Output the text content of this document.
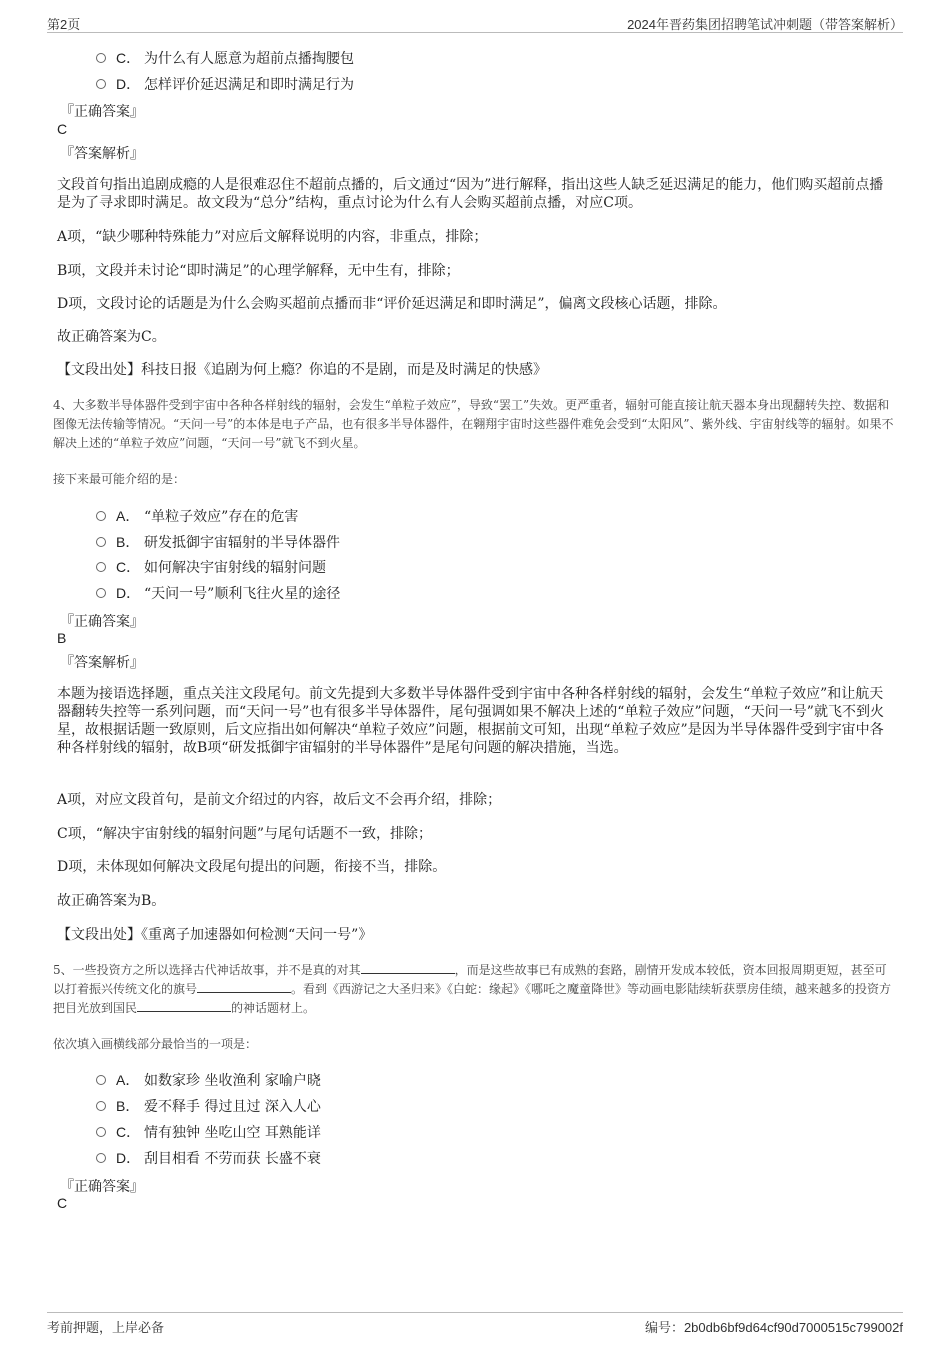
第2页	2024年晋药集团招聘笔试冲刺题（带答案解析）
C． 为什么有人愿意为超前点播掏腰包
D． 怎样评价延迟满足和即时满足行为
『正确答案』
C
『答案解析』
文段首句指出追剧成瘾的人是很难忍住不超前点播的，后文通过“因为”进行解释，指出这些人缺乏延迟满足的能力，他们购买超前点播是为了寻求即时满足。故文段为“总分”结构，重点讨论为什么有人会购买超前点播，对应C项。
A项，“缺少哪种特殊能力”对应后文解释说明的内容，非重点，排除；
B项，文段并未讨论“即时满足”的心理学解释，无中生有，排除；
D项，文段讨论的话题是为什么会购买超前点播而非“评价延迟满足和即时满足”，偏离文段核心话题，排除。
故正确答案为C。
【文段出处】科技日报《追剧为何上瘾？你追的不是剧，而是及时满足的快感》
4、大多数半导体器件受到宇宙中各种各样射线的辐射，会发生“单粒子效应”，导致“罢工”失效。更严重者，辐射可能直接让航天器本身出现翻转失控、数据和图像无法传输等情况。“天问一号”的本体是电子产品，也有很多半导体器件，在翱翔宇宙时这些器件难免会受到“太阳风”、紫外线、宇宙射线等的辐射。如果不解决上述的“单粒子效应”问题，“天问一号”就飞不到火星。
接下来最可能介绍的是：
A． “单粒子效应”存在的危害
B． 研发抵御宇宙辐射的半导体器件
C． 如何解决宇宙射线的辐射问题
D． “天问一号”顺利飞往火星的途径
『正确答案』
B
『答案解析』
本题为接语选择题，重点关注文段尾句。前文先提到大多数半导体器件受到宇宙中各种各样射线的辐射，会发生“单粒子效应”和让航天器翻转失控等一系列问题，而“天问一号”也有很多半导体器件，尾句强调如果不解决上述的“单粒子效应”问题，“天问一号”就飞不到火星，故根据话题一致原则，后文应指出如何解决“单粒子效应”问题，根据前文可知，出现“单粒子效应”是因为半导体器件受到宇宙中各种各样射线的辐射，故B项“研发抵御宇宙辐射的半导体器件”是尾句问题的解决措施，当选。
A项，对应文段首句，是前文介绍过的内容，故后文不会再介绍，排除；
C项，“解决宇宙射线的辐射问题”与尾句话题不一致，排除；
D项，未体现如何解决文段尾句提出的问题，衔接不当，排除。
故正确答案为B。
【文段出处】《重离子加速器如何检测“天问一号”》
5、一些投资方之所以选择古代神话故事，并不是真的对其	，而是这些故事已有成熟的套路，剧情开发成本较低，资本回报周期更短，甚至可以打着振兴传统文化的旗号	。看到《西游记之大圣归来》《白蛇：缘起》《哪吒之魔童降世》等动画电影陆续斩获票房佳绩，越来越多的投资方把目光放到国民	的神话题材上。
依次填入画横线部分最恰当的一项是：
A． 如数家珍 坐收渔利 家喻户晓
B． 爱不释手 得过且过 深入人心
C． 情有独钟 坐吃山空 耳熟能详
D． 刮目相看 不劳而获 长盛不衰
『正确答案』
C
考前押题，上岸必备	编号：2b0db6bf9d64cf90d7000515c799002f
